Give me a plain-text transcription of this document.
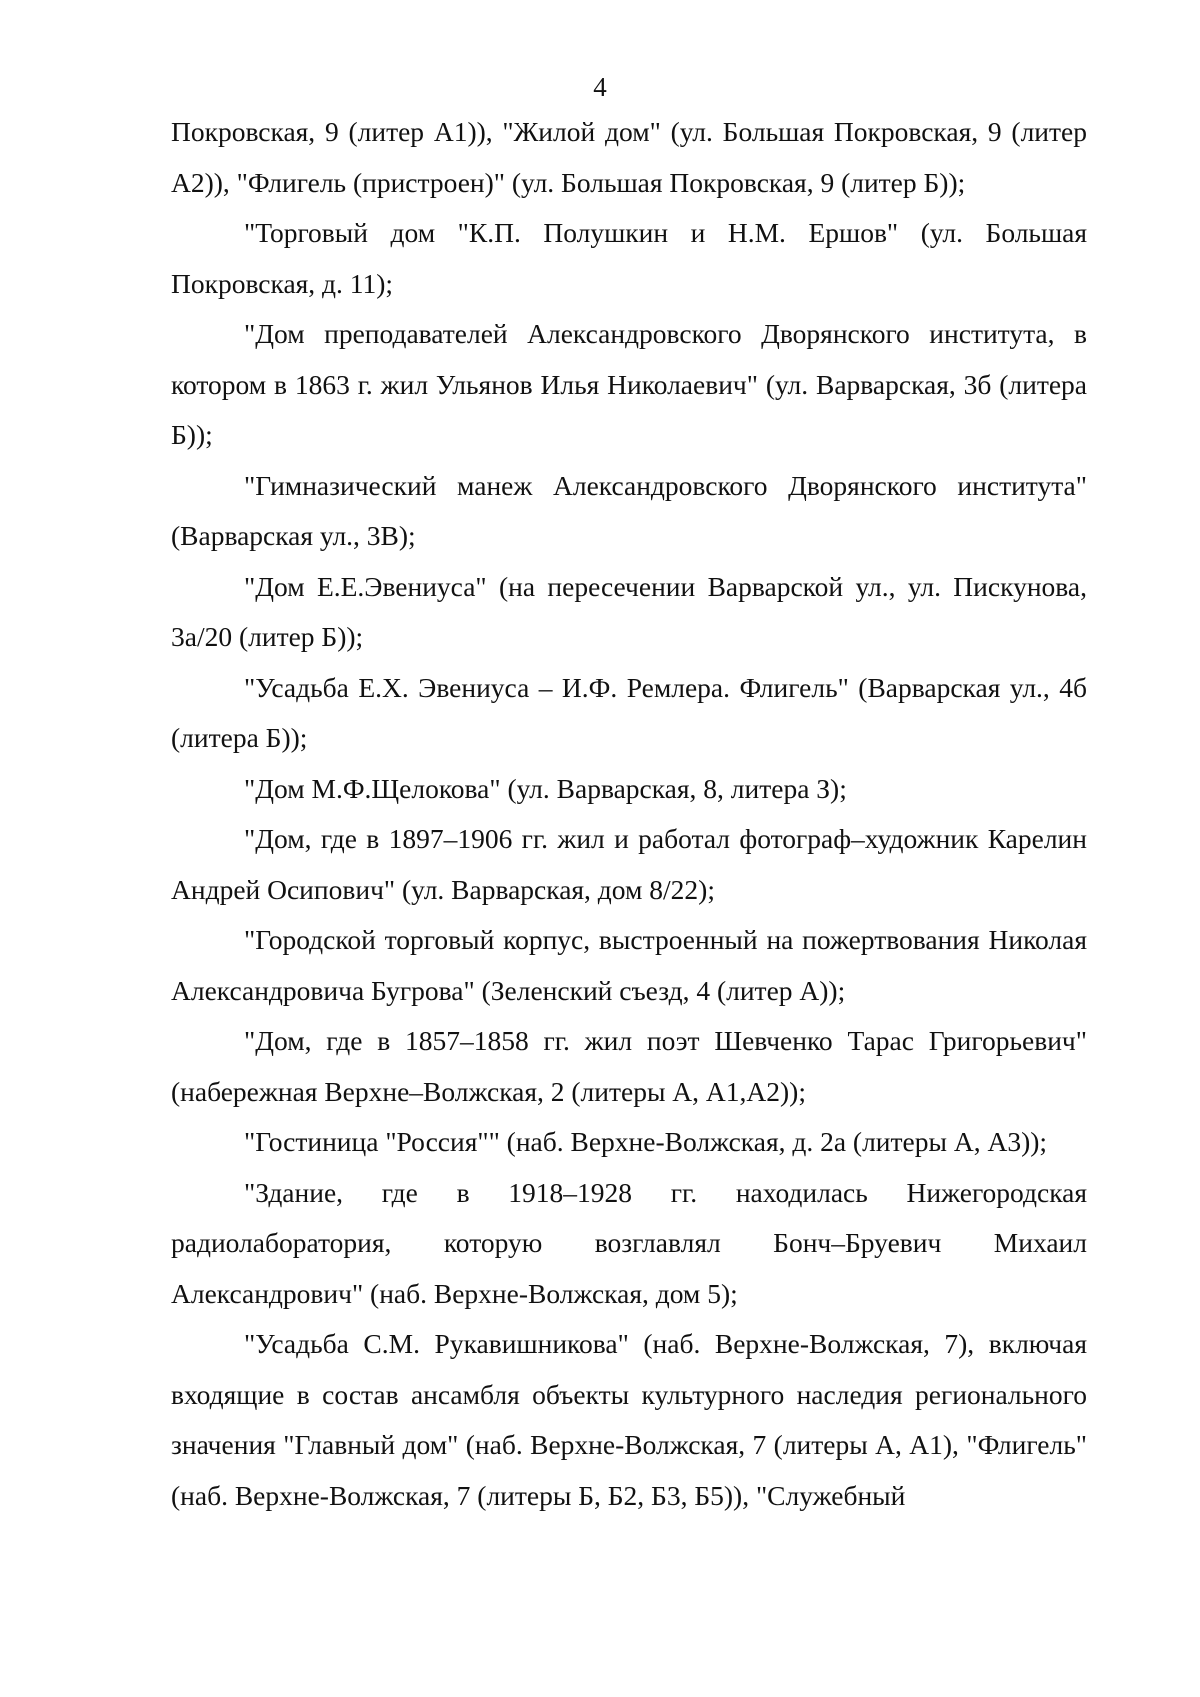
4

Покровская, 9 (литер А1)), "Жилой дом" (ул. Большая Покровская, 9 (литер А2)), "Флигель (пристроен)" (ул. Большая Покровская, 9 (литер Б));

"Торговый дом "К.П. Полушкин и Н.М. Ершов" (ул. Большая Покровская, д. 11);

"Дом преподавателей Александровского Дворянского института, в котором в 1863 г. жил Ульянов Илья Николаевич" (ул. Варварская, 3б (литера Б));

"Гимназический манеж Александровского Дворянского института" (Варварская ул., 3В);

"Дом Е.Е.Эвениуса" (на пересечении Варварской ул., ул. Пискунова, 3а/20 (литер Б));

"Усадьба Е.Х. Эвениуса – И.Ф. Ремлера. Флигель" (Варварская ул., 4б (литера Б));

"Дом М.Ф.Щелокова" (ул. Варварская, 8, литера З);

"Дом, где в 1897–1906 гг. жил и работал фотограф–художник Карелин Андрей Осипович" (ул. Варварская, дом 8/22);

"Городской торговый корпус, выстроенный на пожертвования Николая Александровича Бугрова" (Зеленский съезд, 4 (литер А));

"Дом, где в 1857–1858 гг. жил поэт Шевченко Тарас Григорьевич" (набережная Верхне–Волжская, 2 (литеры А, А1,А2));

"Гостиница "Россия"" (наб. Верхне-Волжская, д. 2а (литеры А, А3));

"Здание, где в 1918–1928 гг. находилась Нижегородская радиолаборатория, которую возглавлял Бонч–Бруевич Михаил Александрович" (наб. Верхне-Волжская, дом 5);

"Усадьба С.М. Рукавишникова" (наб. Верхне-Волжская, 7), включая входящие в состав ансамбля объекты культурного наследия регионального значения "Главный дом" (наб. Верхне-Волжская, 7 (литеры А, А1), "Флигель" (наб. Верхне-Волжская, 7 (литеры Б, Б2, Б3, Б5)), "Служебный
